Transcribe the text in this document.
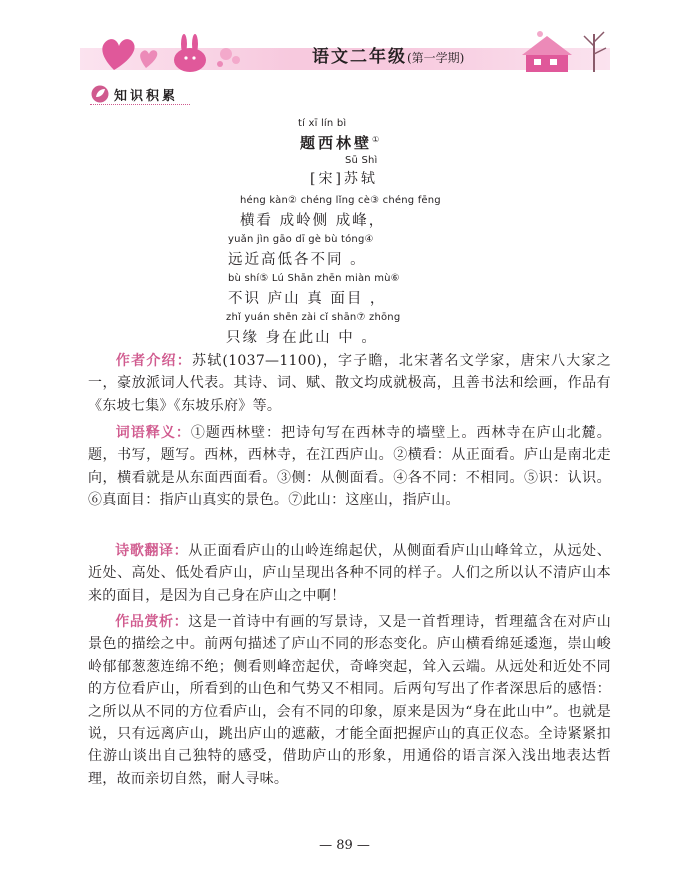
语文二年级(第一学期)
知识积累
tí xī lín bì
题西林壁①
Sū Shì
[宋]苏轼
héng kàn② chéng lǐng cè③ chéng fēng
横看 成岭侧 成峰，
yuǎn jìn gāo dī gè bù tóng④
远近高低各不同 。
bù shí⑤ Lú Shān zhēn miàn mù⑥
不识 庐山 真 面目 ，
zhǐ yuán shēn zài cǐ shān⑦ zhōng
只缘 身在此山 中 。
作者介绍：苏轼(1037—1100)，字子瞻，北宋著名文学家，唐宋八大家之一，豪放派词人代表。其诗、词、赋、散文均成就极高，且善书法和绘画，作品有《东坡七集》《东坡乐府》等。
词语释义：①题西林壁：把诗句写在西林寺的墙壁上。西林寺在庐山北麓。题，书写，题写。西林，西林寺，在江西庐山。②横看：从正面看。庐山是南北走向，横看就是从东面西面看。③侧：从侧面看。④各不同：不相同。⑤识：认识。⑥真面目：指庐山真实的景色。⑦此山：这座山，指庐山。
诗歌翻译：从正面看庐山的山岭连绵起伏，从侧面看庐山山峰耸立，从远处、近处、高处、低处看庐山，庐山呈现出各种不同的样子。人们之所以认不清庐山本来的面目，是因为自己身在庐山之中啊！
作品赏析：这是一首诗中有画的写景诗，又是一首哲理诗，哲理蕴含在对庐山景色的描绘之中。前两句描述了庐山不同的形态变化。庐山横看绵延逶迤，崇山峻岭郁郁葱葱连绵不绝；侧看则峰峦起伏，奇峰突起，耸入云端。从远处和近处不同的方位看庐山，所看到的山色和气势又不相同。后两句写出了作者深思后的感悟：之所以从不同的方位看庐山，会有不同的印象，原来是因为“身在此山中”。也就是说，只有远离庐山，跳出庐山的遮蔽，才能全面把握庐山的真正仪态。全诗紧紧扣住游山谈出自己独特的感受，借助庐山的形象，用通俗的语言深入浅出地表达哲理，故而亲切自然，耐人寻味。
— 89 —
